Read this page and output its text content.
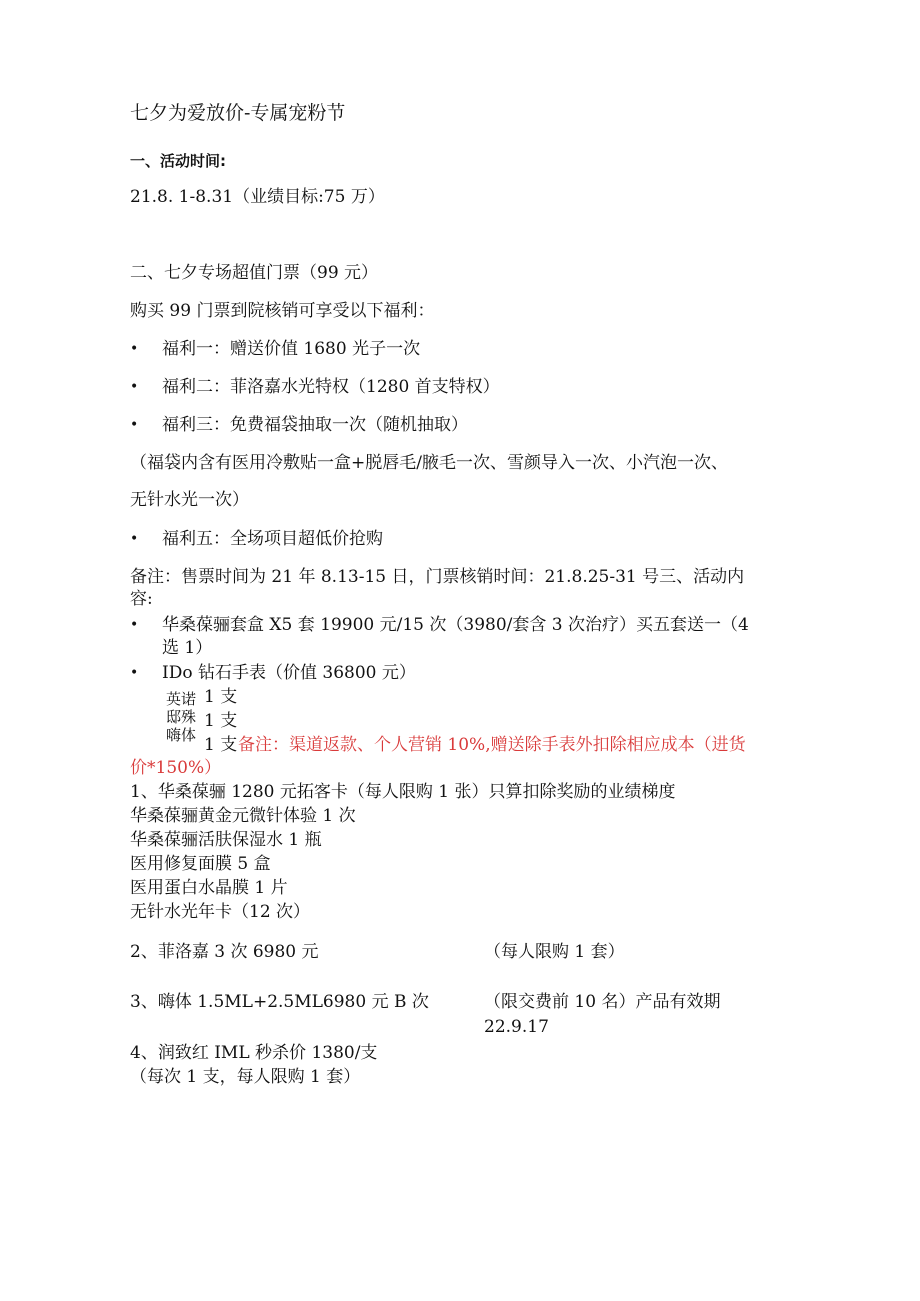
七夕为爱放价-专属宠粉节
一、活动时间:
21.8. 1-8.31（业绩目标:75 万）
二、七夕专场超值门票（99 元）
购买 99 门票到院核销可享受以下福利：
• 福利一：赠送价值 1680 光子一次
• 福利二：菲洛嘉水光特权（1280 首支特权）
• 福利三：免费福袋抽取一次（随机抽取）
（福袋内含有医用冷敷贴一盒+脱唇毛/腋毛一次、雪颜导入一次、小汽泡一次、
无针水光一次）
• 福利五：全场项目超低价抢购
备注：售票时间为 21 年 8.13-15 日，门票核销时间：21.8.25-31 号三、活动内
容:
• 华桑葆骊套盒 X5 套 19900 元/15 次（3980/套含 3 次治疗）买五套送一（4
选 1）
• IDo 钻石手表（价值 36800 元）
英诺
邸殊
嗨体
1 支
1 支
1 支 备注：渠道返款、个人营销 10%,赠送除手表外扣除相应成本（进货
价*150%）
1、华桑葆骊 1280 元拓客卡（每人限购 1 张）只算扣除奖励的业绩梯度
华桑葆骊黄金元微针体验 1 次
华桑葆骊活肤保湿水 1 瓶
医用修复面膜 5 盒
医用蛋白水晶膜 1 片
无针水光年卡（12 次）
2、菲洛嘉 3 次 6980 元	（每人限购 1 套）
3、嗨体 1.5ML+2.5ML6980 元 B 次	（限交费前 10 名）产品有效期
22.9.17
4、润致红 IML 秒杀价 1380/支
（每次 1 支，每人限购 1 套）
